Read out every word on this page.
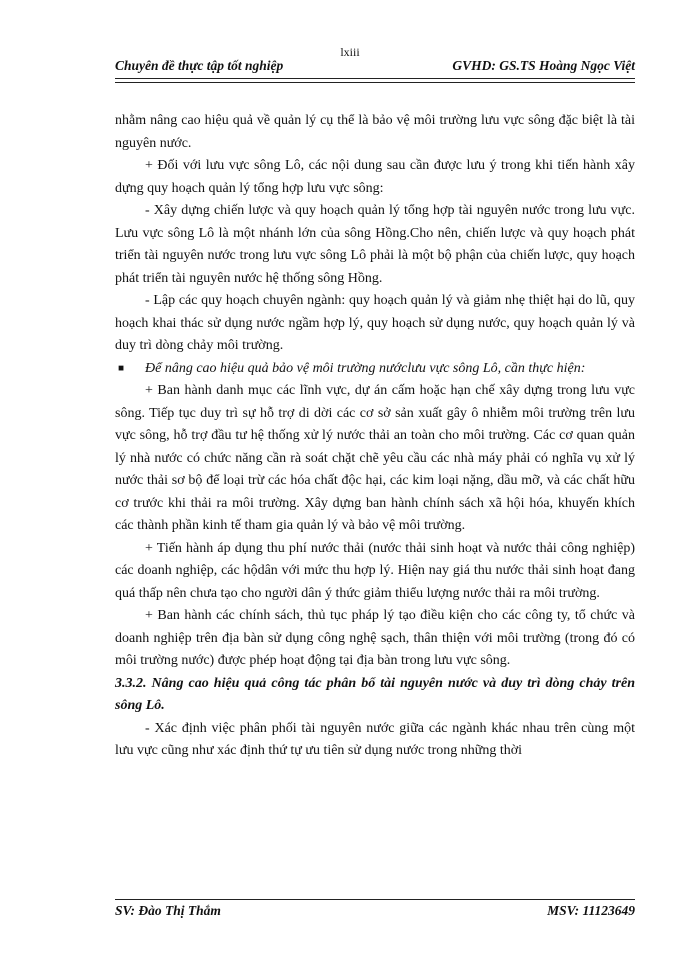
lxiii
Chuyên đề thực tập tốt nghiệp	GVHD: GS.TS Hoàng Ngọc Việt

nhằm nâng cao hiệu quả về quản lý cụ thể là bảo vệ môi trường lưu vực sông đặc biệt là tài nguyên nước.

+ Đối với lưu vực sông Lô, các nội dung sau cần được lưu ý trong khi tiến hành xây dựng quy hoạch quản lý tổng hợp lưu vực sông:

- Xây dựng chiến lược và quy hoạch quản lý tổng hợp tài nguyên nước trong lưu vực. Lưu vực sông Lô là một nhánh lớn của sông Hồng.Cho nên, chiến lược và quy hoạch phát triển tài nguyên nước trong lưu vực sông Lô phải là một bộ phận của chiến lược, quy hoạch phát triển tài nguyên nước hệ thống sông Hồng.

- Lập các quy hoạch chuyên ngành: quy hoạch quản lý và giảm nhẹ thiệt hại do lũ, quy hoạch khai thác sử dụng nước ngầm hợp lý, quy hoạch sử dụng nước, quy hoạch quản lý và duy trì dòng chảy môi trường.

■ Để nâng cao hiệu quả bảo vệ môi trường nướclưu vực sông Lô, cần thực hiện:

+ Ban hành danh mục các lĩnh vực, dự án cấm hoặc hạn chế xây dựng trong lưu vực sông. Tiếp tục duy trì sự hỗ trợ di dời các cơ sở sản xuất gây ô nhiễm môi trường trên lưu vực sông, hỗ trợ đầu tư hệ thống xử lý nước thải an toàn cho môi trường. Các cơ quan quản lý nhà nước có chức năng cần rà soát chặt chẽ yêu cầu các nhà máy phải có nghĩa vụ xử lý nước thải sơ bộ để loại trừ các hóa chất độc hại, các kim loại nặng, dầu mỡ, và các chất hữu cơ trước khi thải ra môi trường. Xây dựng ban hành chính sách xã hội hóa, khuyến khích các thành phần kinh tế tham gia quản lý và bảo vệ môi trường.

+ Tiến hành áp dụng thu phí nước thải (nước thải sinh hoạt và nước thải công nghiệp) các doanh nghiệp, các hộdân với mức thu hợp lý. Hiện nay giá thu nước thải sinh hoạt đang quá thấp nên chưa tạo cho người dân ý thức giảm thiểu lượng nước thải ra môi trường.

+ Ban hành các chính sách, thủ tục pháp lý tạo điều kiện cho các công ty, tổ chức và doanh nghiệp trên địa bàn sử dụng công nghệ sạch, thân thiện với môi trường (trong đó có môi trường nước) được phép hoạt động tại địa bàn trong lưu vực sông.

3.3.2. Nâng cao hiệu quả công tác phân bổ tài nguyên nước và duy trì dòng chảy trên sông Lô.

- Xác định việc phân phối tài nguyên nước giữa các ngành khác nhau trên cùng một lưu vực cũng như xác định thứ tự ưu tiên sử dụng nước trong những thời

SV: Đào Thị Thắm	MSV: 11123649
